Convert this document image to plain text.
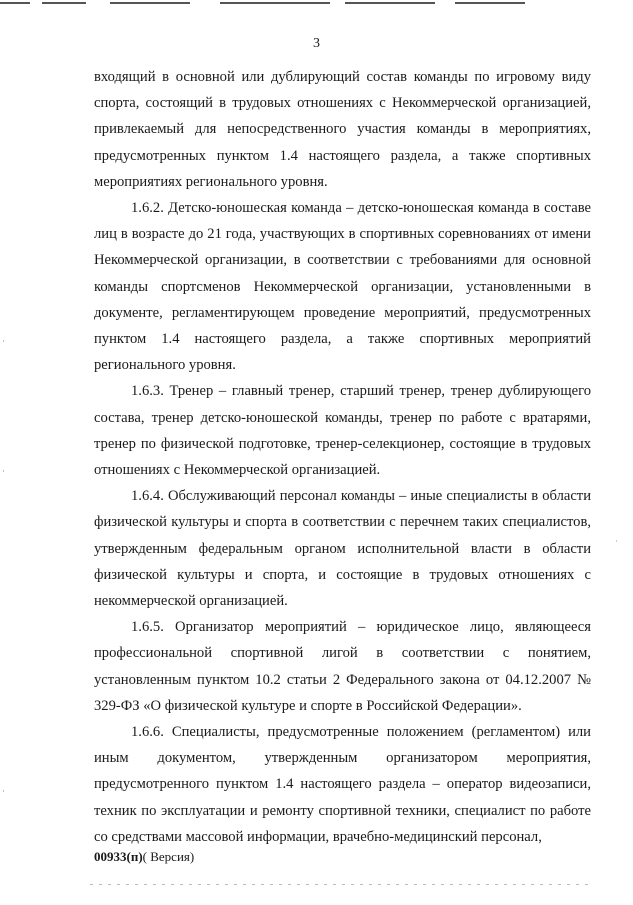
3

входящий в основной или дублирующий состав команды по игровому виду спорта, состоящий в трудовых отношениях с Некоммерческой организацией, привлекаемый для непосредственного участия команды в мероприятиях, предусмотренных пунктом 1.4 настоящего раздела, а также спортивных мероприятиях регионального уровня.

1.6.2. Детско-юношеская команда – детско-юношеская команда в составе лиц в возрасте до 21 года, участвующих в спортивных соревнованиях от имени Некоммерческой организации, в соответствии с требованиями для основной команды спортсменов Некоммерческой организации, установленными в документе, регламентирующем проведение мероприятий, предусмотренных пунктом 1.4 настоящего раздела, а также спортивных мероприятий регионального уровня.

1.6.3. Тренер – главный тренер, старший тренер, тренер дублирующего состава, тренер детско-юношеской команды, тренер по работе с вратарями, тренер по физической подготовке, тренер-селекционер, состоящие в трудовых отношениях с Некоммерческой организацией.

1.6.4. Обслуживающий персонал команды – иные специалисты в области физической культуры и спорта в соответствии с перечнем таких специалистов, утвержденным федеральным органом исполнительной власти в области физической культуры и спорта, и состоящие в трудовых отношениях с некоммерческой организацией.

1.6.5. Организатор мероприятий – юридическое лицо, являющееся профессиональной спортивной лигой в соответствии с понятием, установленным пунктом 10.2 статьи 2 Федерального закона от 04.12.2007 № 329-ФЗ «О физической культуре и спорте в Российской Федерации».

1.6.6. Специалисты, предусмотренные положением (регламентом) или иным документом, утвержденным организатором мероприятия, предусмотренного пунктом 1.4 настоящего раздела – оператор видеозаписи, техник по эксплуатации и ремонту спортивной техники, специалист по работе со средствами массовой информации, врачебно-медицинский персонал,

00933(п)( Версия)
